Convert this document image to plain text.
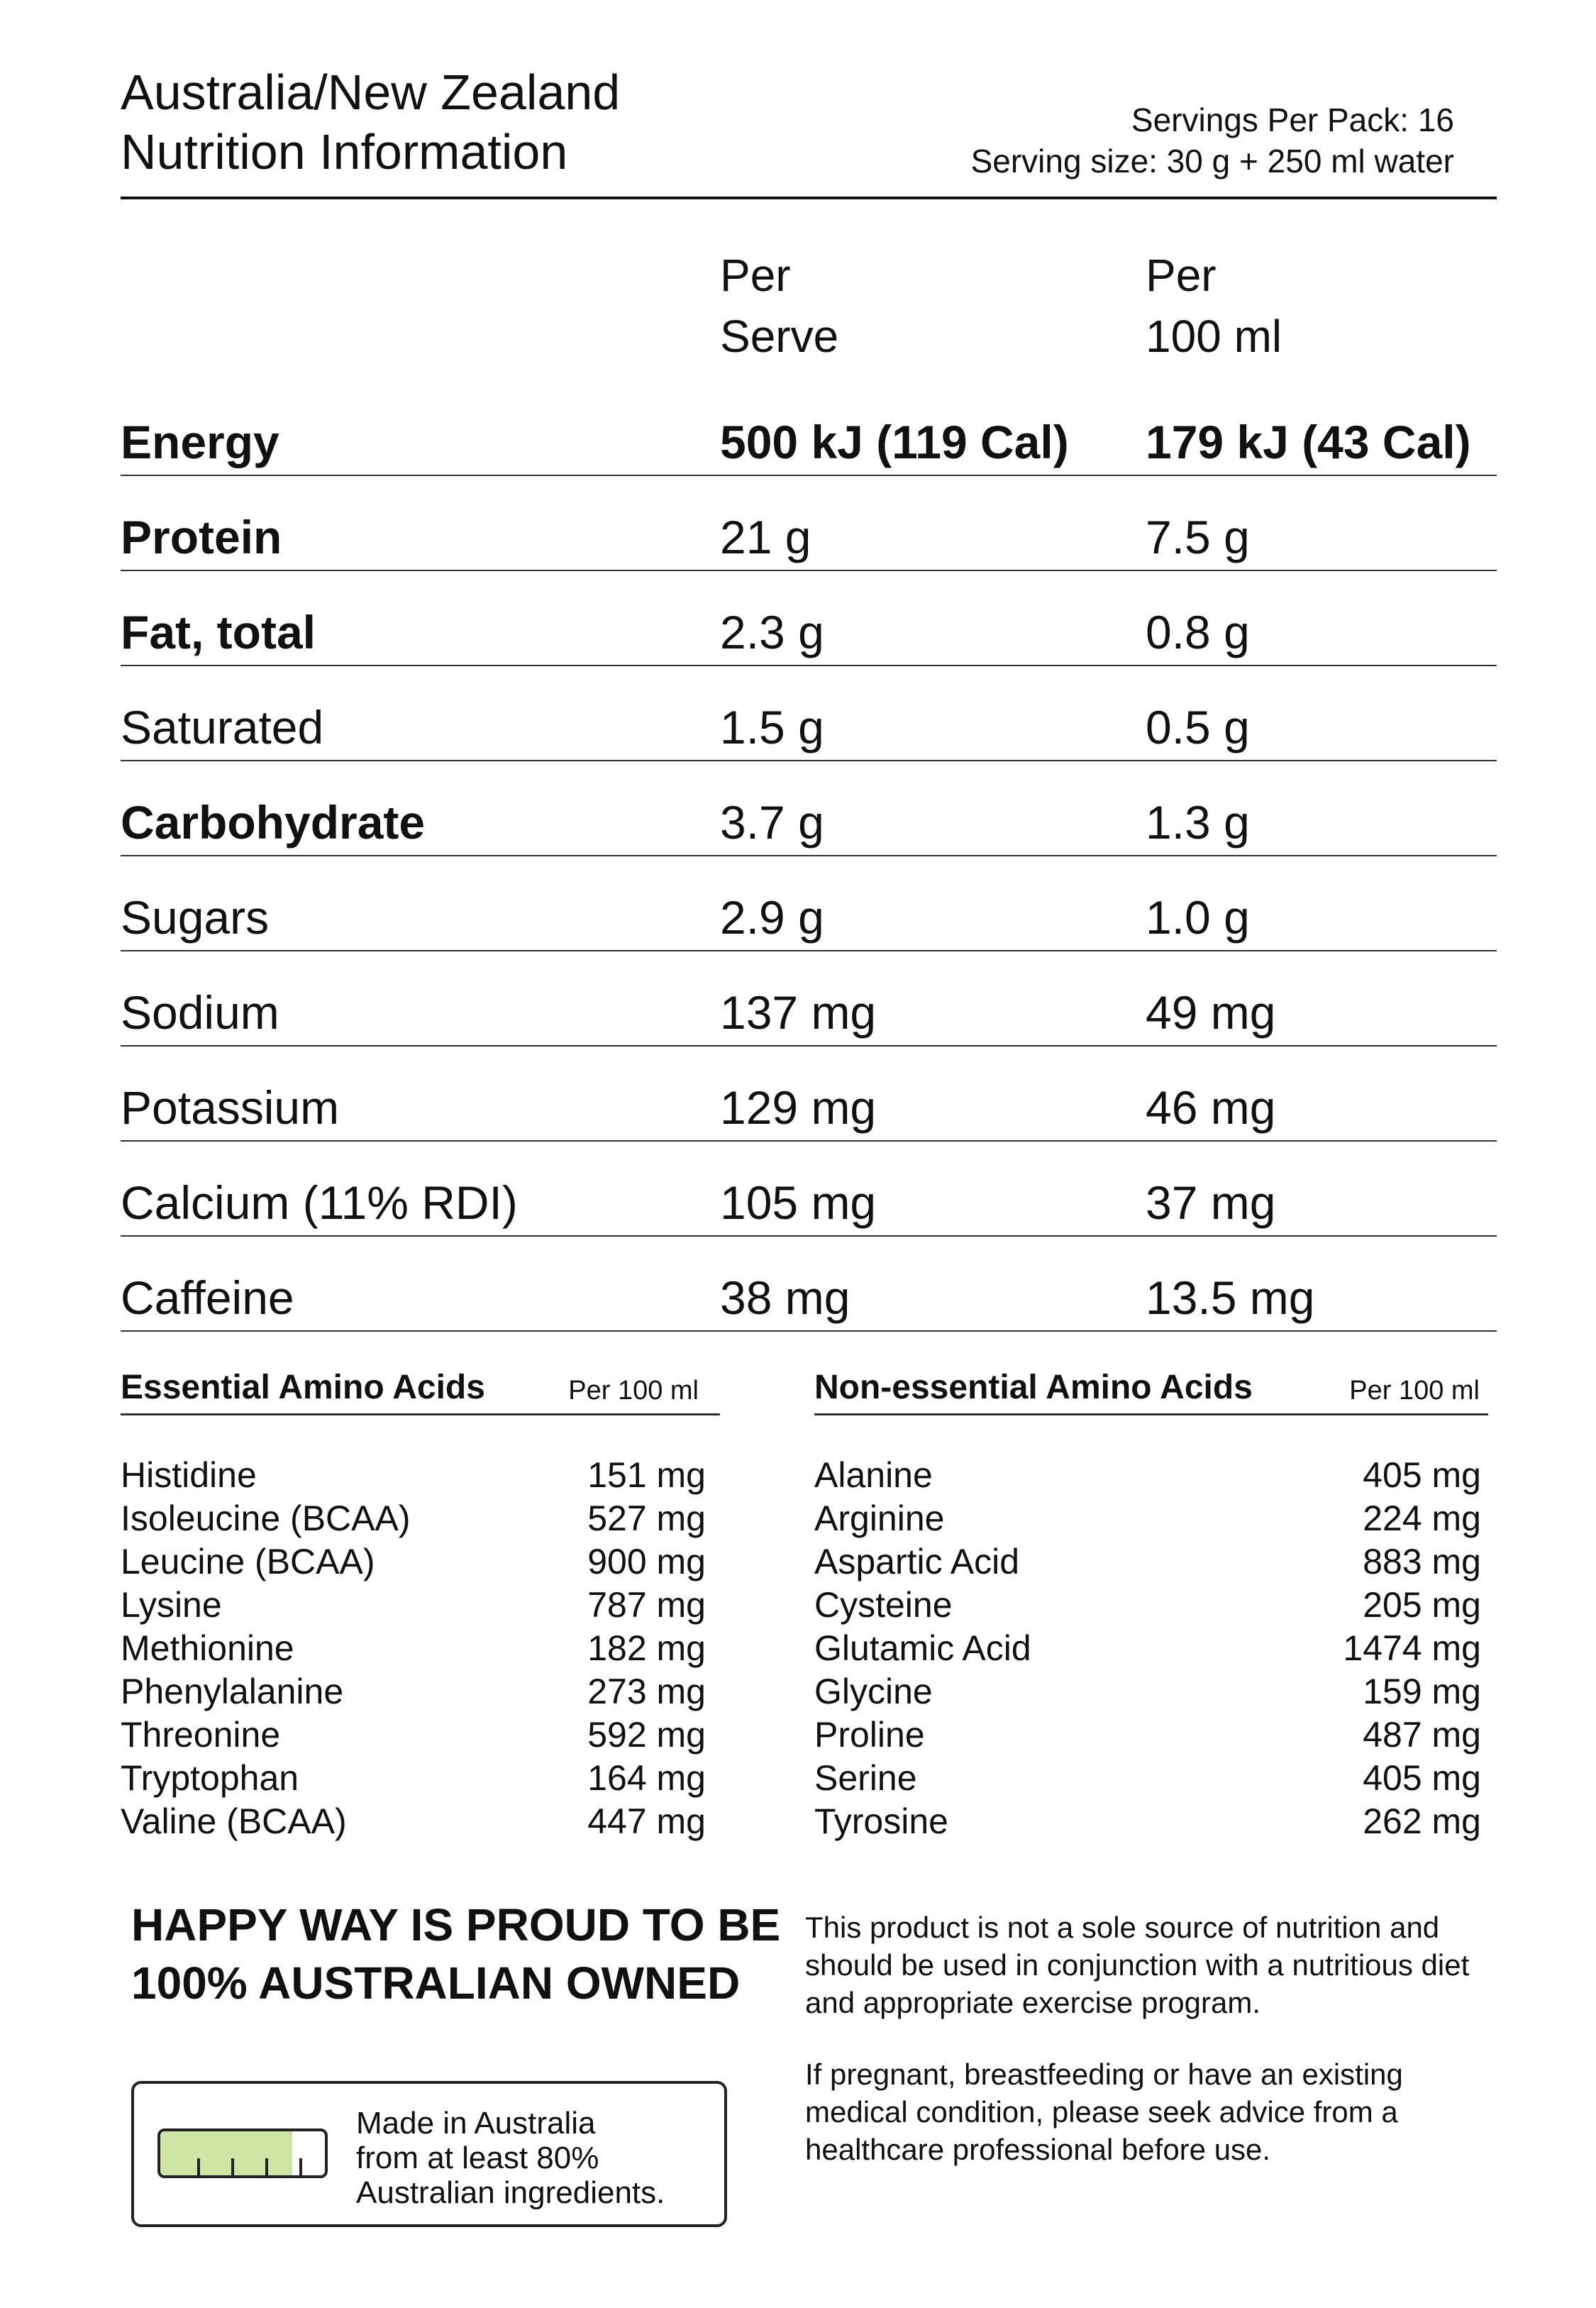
Australia/New Zealand
Nutrition Information
Servings Per Pack: 16
Serving size: 30 g + 250 ml water
Per
Serve
Per
100 ml
Energy	500 kJ (119 Cal) 179 kJ (43 Cal)
Protein	21 g	7.5 g
Fat, total	2.3 g	0.8 g
Saturated	1.5 g	0.5 g
Carbohydrate	3.7 g	1.3 g
Sugars	2.9 g	1.0 g
Sodium	137 mg	49 mg
Potassium	129 mg	46 mg
Calcium (11% RDI)	105 mg	37 mg
Caffeine	38 mg	13.5 mg
Essential Amino Acids	Per 100 ml
Histidine	151 mg
Isoleucine (BCAA)	527 mg
Leucine (BCAA)	900 mg
Lysine	787 mg
Methionine	182 mg
Phenylalanine	273 mg
Threonine	592 mg
Tryptophan	164 mg
Valine (BCAA)	447 mg
Non-essential Amino Acids	Per 100 ml
Alanine	405 mg
Arginine	224 mg
Aspartic Acid	883 mg
Cysteine	205 mg
Glutamic Acid	1474 mg
Glycine	159 mg
Proline	487 mg
Serine	405 mg
Tyrosine	262 mg
HAPPY WAY IS PROUD TO BE
100% AUSTRALIAN OWNED

This product is not a sole source of nutrition and should be used in conjunction with a nutritious diet and appropriate exercise program.

If pregnant, breastfeeding or have an existing medical condition, please seek advice from a healthcare professional before use.

Made in Australia
from at least 80%
Australian ingredients.
